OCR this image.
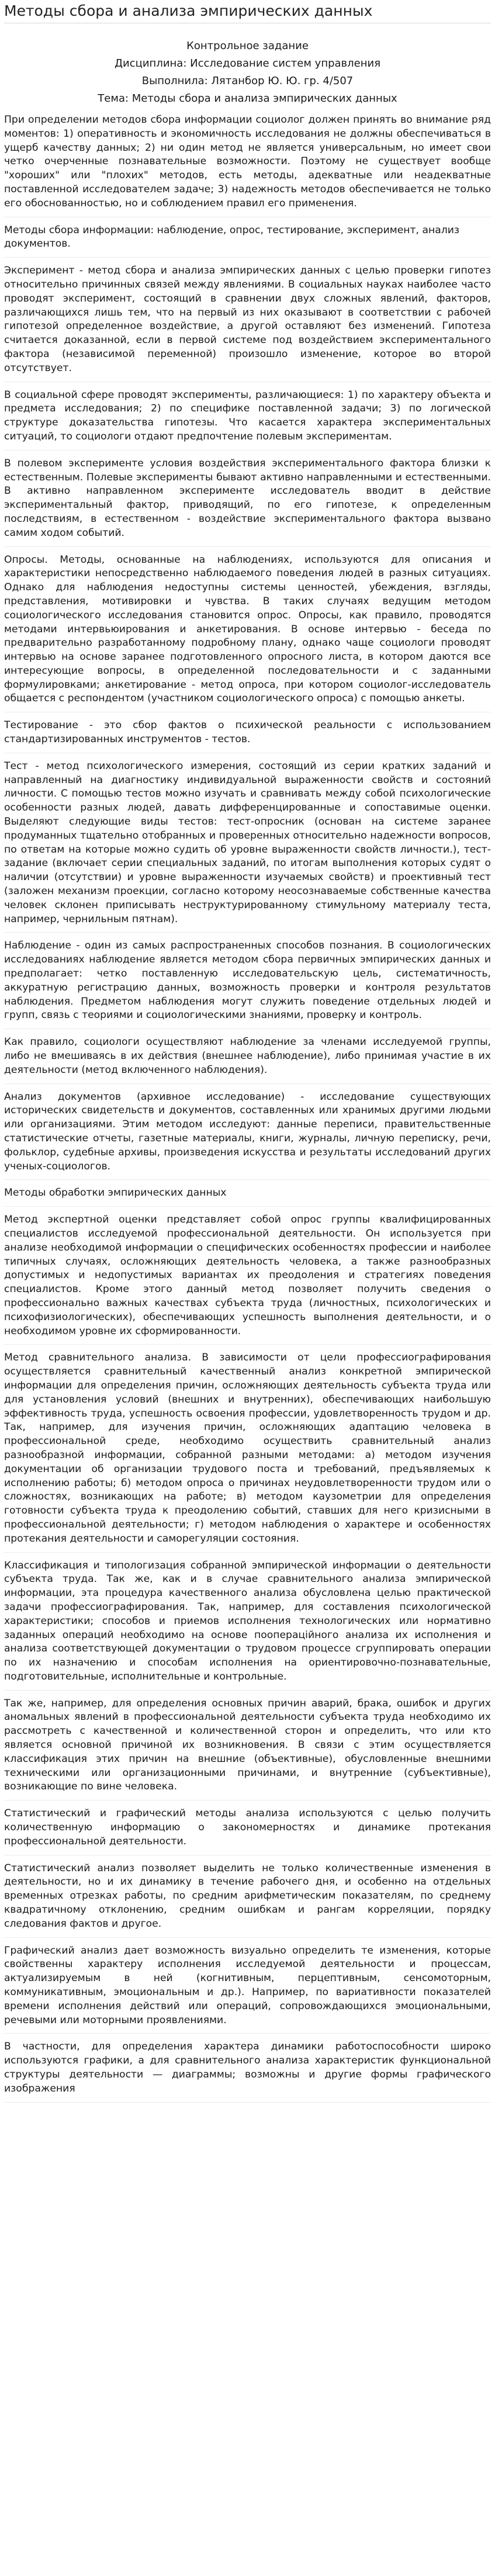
Методы сбора и анализа эмпирических данных
Контрольное задание
Дисциплина: Исследование систем управления
Выполнила: Лятанбор Ю. Ю. гр. 4/507
Тема: Методы сбора и анализа эмпирических данных

При определении методов сбора информации социолог должен принять во внимание ряд моментов: 1) оперативность и экономичность исследования не должны обеспечиваться в ущерб качеству данных; 2) ни один метод не является универсальным, но имеет свои четко очерченные познавательные возможности. Поэтому не существует вообще "хороших" или "плохих" методов, есть методы, адекватные или неадекватные поставленной исследователем задаче; 3) надежность методов обеспечивается не только его обоснованностью, но и соблюдением правил его применения.

Методы сбора информации: наблюдение, опрос, тестирование, эксперимент, анализ документов.

Эксперимент - метод сбора и анализа эмпирических данных с целью проверки гипотез относительно причинных связей между явлениями. В социальных науках наиболее часто проводят эксперимент, состоящий в сравнении двух сложных явлений, факторов, различающихся лишь тем, что на первый из них оказывают в соответствии с рабочей гипотезой определенное воздействие, а другой оставляют без изменений. Гипотеза считается доказанной, если в первой системе под воздействием экспериментального фактора (независимой переменной) произошло изменение, которое во второй отсутствует.

В социальной сфере проводят эксперименты, различающиеся: 1) по характеру объекта и предмета исследования; 2) по специфике поставленной задачи; 3) по логической структуре доказательства гипотезы. Что касается характера экспериментальных ситуаций, то социологи отдают предпочтение полевым экспериментам.

В полевом эксперименте условия воздействия экспериментального фактора близки к естественным. Полевые эксперименты бывают активно направленными и естественными. В активно направленном эксперименте исследователь вводит в действие экспериментальный фактор, приводящий, по его гипотезе, к определенным последствиям, в естественном - воздействие экспериментального фактора вызвано самим ходом событий.

Опросы. Методы, основанные на наблюдениях, используются для описания и характеристики непосредственно наблюдаемого поведения людей в разных ситуациях. Однако для наблюдения недоступны системы ценностей, убеждения, взгляды, представления, мотивировки и чувства. В таких случаях ведущим методом социологического исследования становится опрос. Опросы, как правило, проводятся методами интервьюирования и анкетирования. В основе интервью - беседа по предварительно разработанному подробному плану, однако чаще социологи проводят интервью на основе заранее подготовленного опросного листа, в котором даются все интересующие вопросы, в определенной последовательности и с заданными формулировками; анкетирование - метод опроса, при котором социолог-исследователь общается с респондентом (участником социологического опроса) с помощью анкеты.

Тестирование - это сбор фактов о психической реальности с использованием стандартизированных инструментов - тестов.

Тест - метод психологического измерения, состоящий из серии кратких заданий и направленный на диагностику индивидуальной выраженности свойств и состояний личности. С помощью тестов можно изучать и сравнивать между собой психологические особенности разных людей, давать дифференцированные и сопоставимые оценки. Выделяют следующие виды тестов: тест-опросник (основан на системе заранее продуманных тщательно отобранных и проверенных относительно надежности вопросов, по ответам на которые можно судить об уровне выраженности свойств личности.), тест-задание (включает серии специальных заданий, по итогам выполнения которых судят о наличии (отсутствии) и уровне выраженности изучаемых свойств) и проективный тест (заложен механизм проекции, согласно которому неосознаваемые собственные качества человек склонен приписывать неструктурированному стимульному материалу теста, например, чернильным пятнам).

Наблюдение - один из самых распространенных способов познания. В социологических исследованиях наблюдение является методом сбора первичных эмпирических данных и предполагает: четко поставленную исследовательскую цель, систематичность, аккуратную регистрацию данных, возможность проверки и контроля результатов наблюдения. Предметом наблюдения могут служить поведение отдельных людей и групп, связь с теориями и социологическими знаниями, проверку и контроль.

Как правило, социологи осуществляют наблюдение за членами исследуемой группы, либо не вмешиваясь в их действия (внешнее наблюдение), либо принимая участие в их деятельности (метод включенного наблюдения).

Анализ документов (архивное исследование) - исследование существующих исторических свидетельств и документов, составленных или хранимых другими людьми или организациями. Этим методом исследуют: данные переписи, правительственные статистические отчеты, газетные материалы, книги, журналы, личную переписку, речи, фольклор, судебные архивы, произведения искусства и результаты исследований других ученых-социологов.

Методы обработки эмпирических данных

Метод экспертной оценки представляет собой опрос группы квалифицированных специалистов исследуемой профессиональной деятельности. Он используется при анализе необходимой информации о специфических особенностях профессии и наиболее типичных случаях, осложняющих деятельность человека, а также разнообразных допустимых и недопустимых вариантах их преодоления и стратегиях поведения специалистов. Кроме этого данный метод позволяет получить сведения о профессионально важных качествах субъекта труда (личностных, психологических и психофизиологических), обеспечивающих успешность выполнения деятельности, и о необходимом уровне их сформированности.

Метод сравнительного анализа. В зависимости от цели профессиографирования осуществляется сравнительный качественный анализ конкретной эмпирической информации для определения причин, осложняющих деятельность субъекта труда или для установления условий (внешних и внутренних), обеспечивающих наибольшую эффективность труда, успешность освоения профессии, удовлетворенность трудом и др. Так, например, для изучения причин, осложняющих адаптацию человека в профессиональной среде, необходимо осуществить сравнительный анализ разнообразной информации, собранной разными методами: а) методом изучения документации об организации трудового поста и требований, предъявляемых к исполнению работы; б) методом опроса о причинах неудовлетворенности трудом или о сложностях, возникающих на работе; в) методом каузометрии для определения готовности субъекта труда к преодолению событий, ставших для него кризисными в профессиональной деятельности; г) методом наблюдения о характере и особенностях протекания деятельности и саморегуляции состояния.

Классификация и типологизация собранной эмпирической информации о деятельности субъекта труда. Так же, как и в случае сравнительного анализа эмпирической информации, эта процедура качественного анализа обусловлена целью практической задачи профессиографирования. Так, например, для составления психологической характеристики; способов и приемов исполнения технологических или нормативно заданных операций необходимо на основе поопераційного анализа их исполнения и анализа соответствующей документации о трудовом процессе сгруппировать операции по их назначению и способам исполнения на ориентировочно-познавательные, подготовительные, исполнительные и контрольные.

Так же, например, для определения основных причин аварий, брака, ошибок и других аномальных явлений в профессиональной деятельности субъекта труда необходимо их рассмотреть с качественной и количественной сторон и определить, что или кто является основной причиной их возникновения. В связи с этим осуществляется классификация этих причин на внешние (объективные), обусловленные внешними техническими или организационными причинами, и внутренние (субъективные), возникающие по вине человека.

Статистический и графический методы анализа используются с целью получить количественную информацию о закономерностях и динамике протекания профессиональной деятельности.

Статистический анализ позволяет выделить не только количественные изменения в деятельности, но и их динамику в течение рабочего дня, и особенно на отдельных временных отрезках работы, по средним арифметическим показателям, по среднему квадратичному отклонению, средним ошибкам и рангам корреляции, порядку следования фактов и другое.

Графический анализ дает возможность визуально определить те изменения, которые свойственны характеру исполнения исследуемой деятельности и процессам, актуализируемым в ней (когнитивным, перцептивным, сенсомоторным, коммуникативным, эмоциональным и др.). Например, по вариативности показателей времени исполнения действий или операций, сопровождающихся эмоциональными, речевыми или моторными проявлениями.

В частности, для определения характера динамики работоспособности широко используются графики, а для сравнительного анализа характеристик функциональной структуры деятельности — диаграммы; возможны и другие формы графического изображения
